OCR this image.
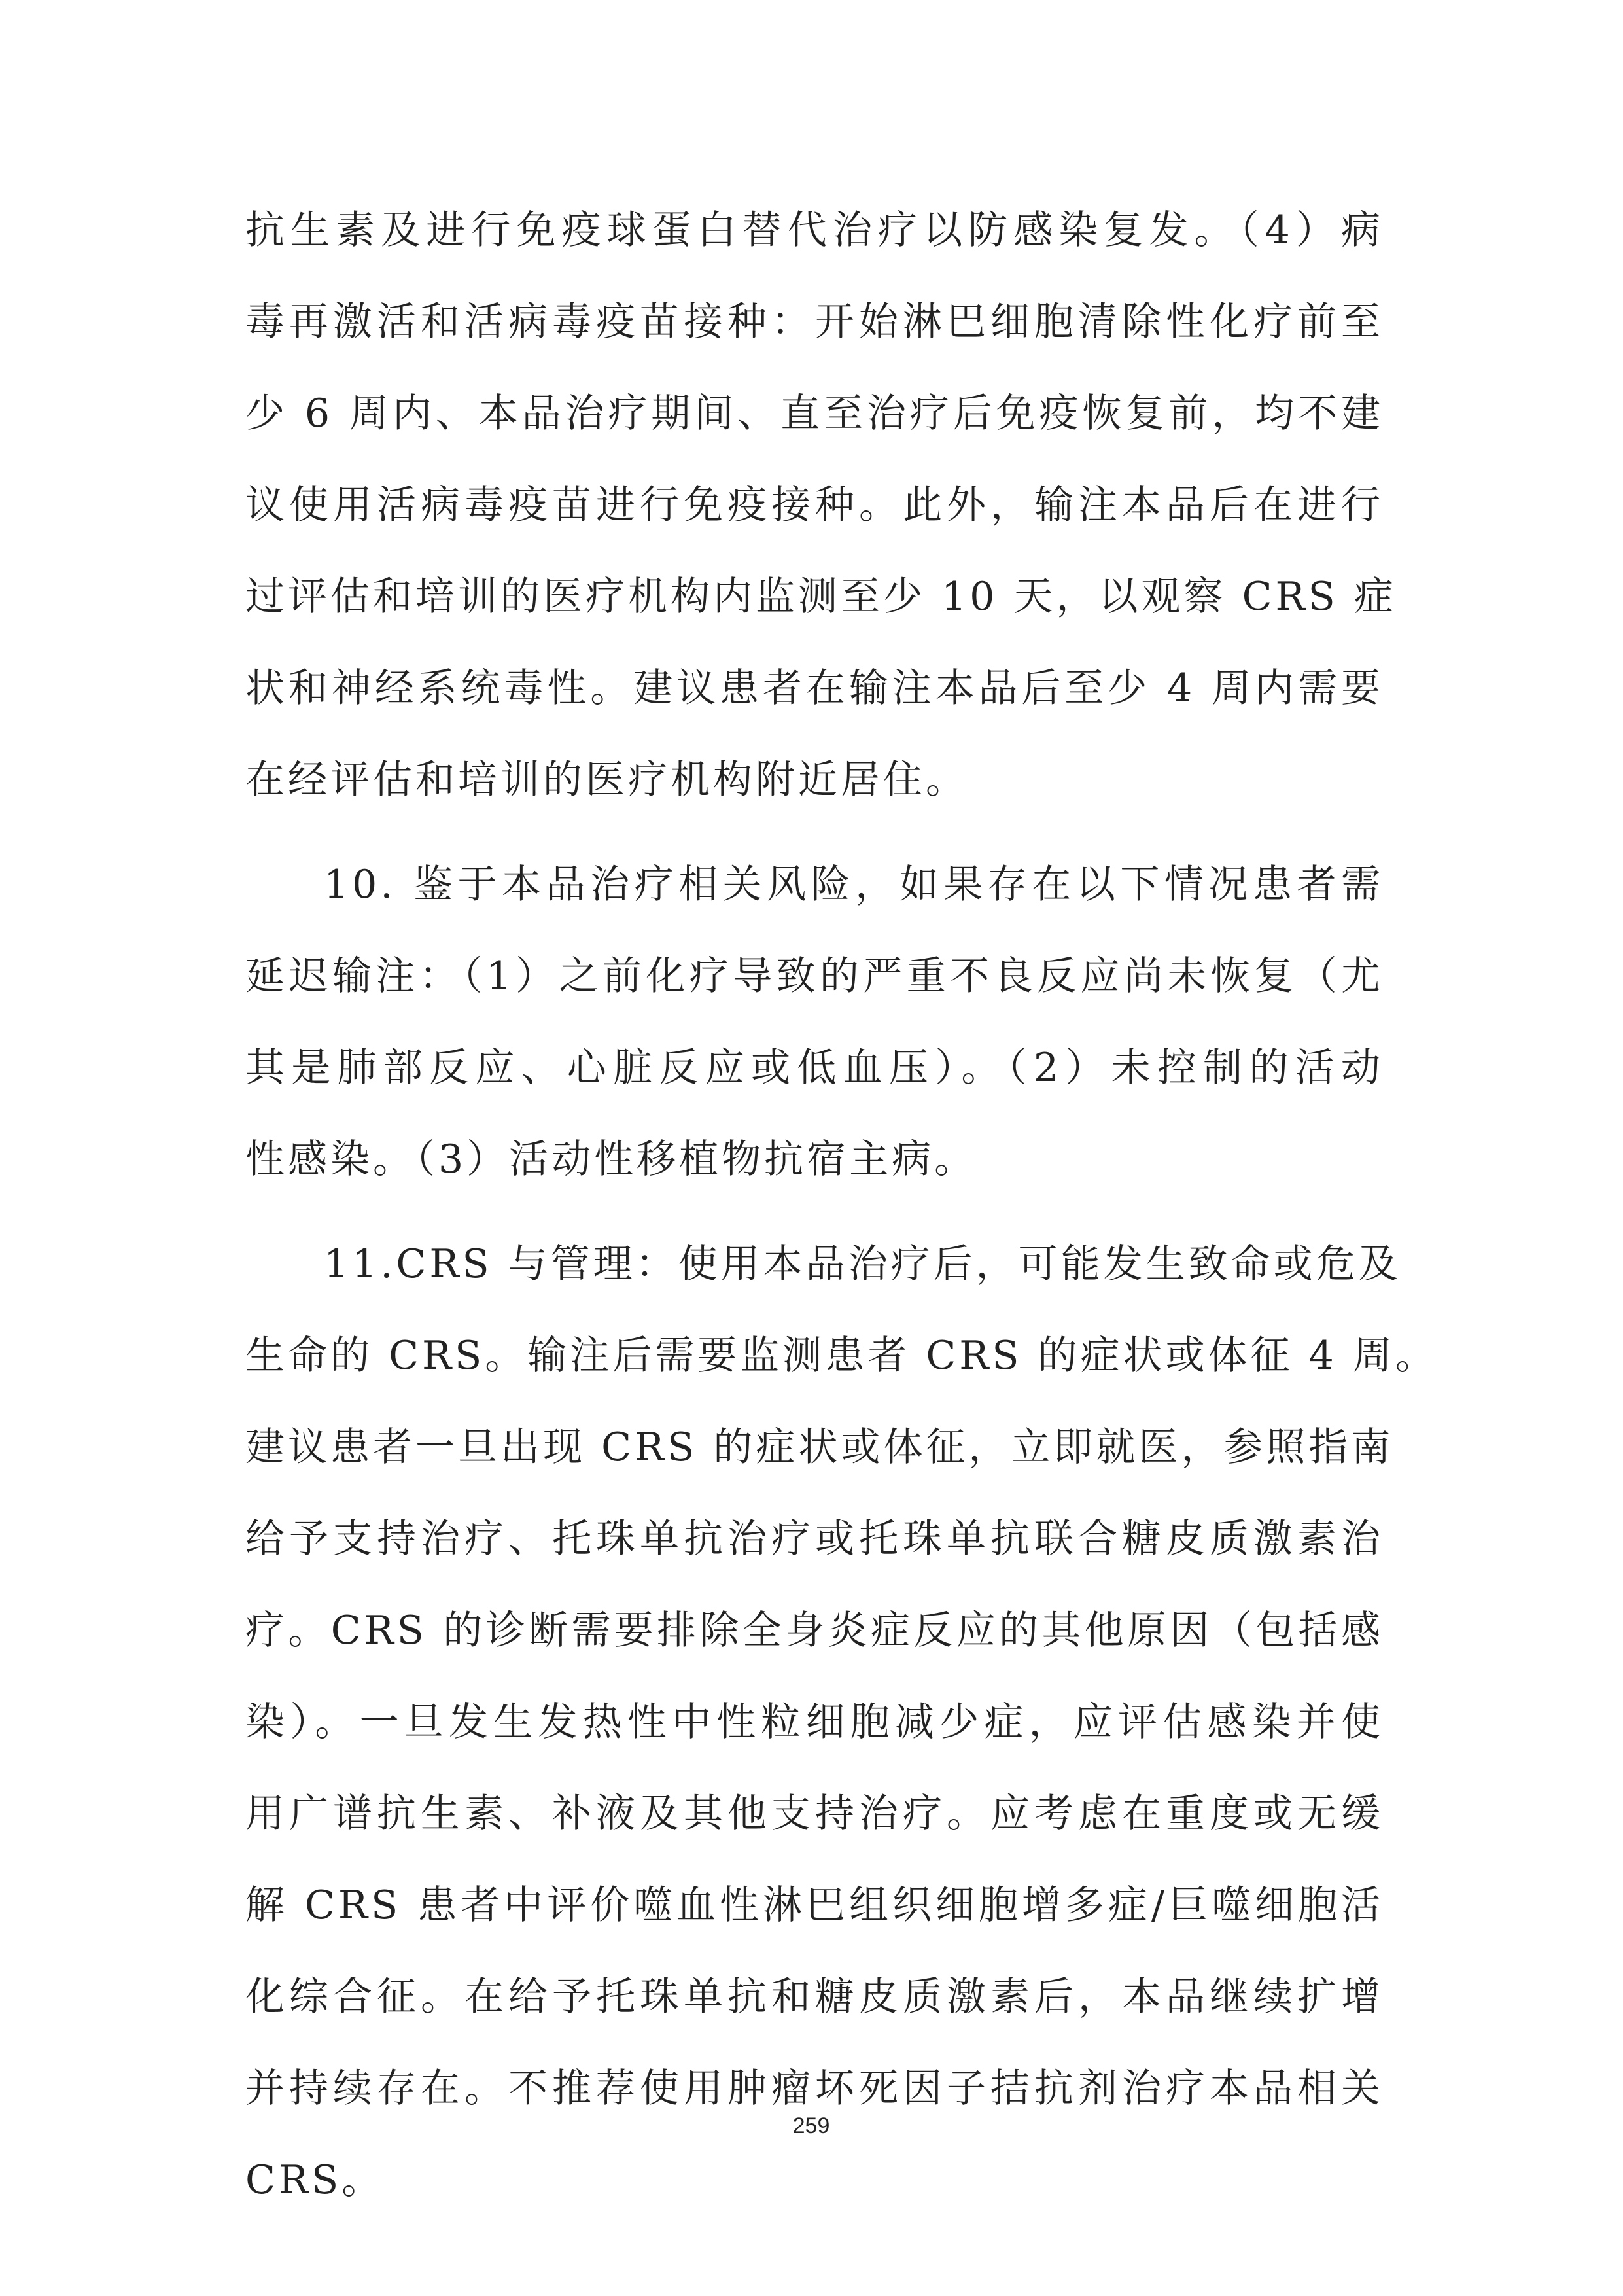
抗生素及进行免疫球蛋白替代治疗以防感染复发。（4）病
毒再激活和活病毒疫苗接种：开始淋巴细胞清除性化疗前至
少 6 周内、本品治疗期间、直至治疗后免疫恢复前，均不建
议使用活病毒疫苗进行免疫接种。此外，输注本品后在进行
过评估和培训的医疗机构内监测至少 10 天，以观察 CRS 症
状和神经系统毒性。建议患者在输注本品后至少 4 周内需要
在经评估和培训的医疗机构附近居住。
10. 鉴于本品治疗相关风险，如果存在以下情况患者需
延迟输注：（1）之前化疗导致的严重不良反应尚未恢复（尤
其是肺部反应、心脏反应或低血压）。（2）未控制的活动
性感染。（3）活动性移植物抗宿主病。
11.CRS 与管理：使用本品治疗后，可能发生致命或危及
生命的 CRS。输注后需要监测患者 CRS 的症状或体征 4 周。
建议患者一旦出现 CRS 的症状或体征，立即就医，参照指南
给予支持治疗、托珠单抗治疗或托珠单抗联合糖皮质激素治
疗。CRS 的诊断需要排除全身炎症反应的其他原因（包括感
染）。一旦发生发热性中性粒细胞减少症，应评估感染并使
用广谱抗生素、补液及其他支持治疗。应考虑在重度或无缓
解 CRS 患者中评价噬血性淋巴组织细胞增多症/巨噬细胞活
化综合征。在给予托珠单抗和糖皮质激素后，本品继续扩增
并持续存在。不推荐使用肿瘤坏死因子拮抗剂治疗本品相关
CRS。
259
